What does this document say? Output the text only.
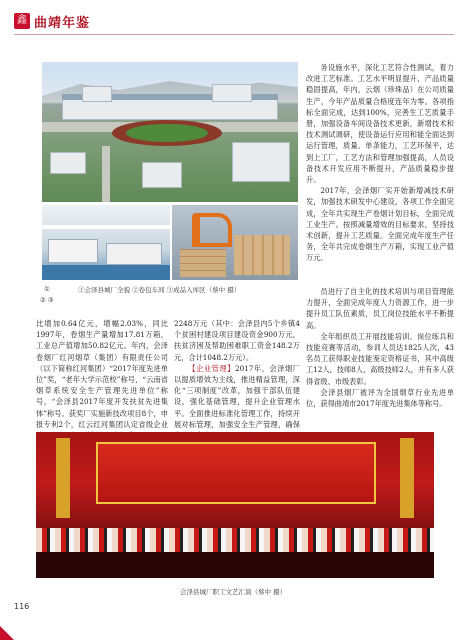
鑫 曲靖年鉴

务设施水平，深化工艺符合性测试，着力改进工艺标准。工艺水平明显提升，产品质量稳固提高，年内，云烟（珍珠品）在公司质量生产，今年产品质量合格度连年为零。各项指标全面完成，达到100%，完善生工艺质量手册，加强设备车间设备技术更新，新增技术和技术测试调研，使设备运行应用和能全面达到运行管理，质量、单条能力，工艺环保平，达到上工厂，工艺方法和管理加强提高，人员设备技术开发应用不断提升，产品质量稳步提升。

2017年，会泽烟厂实开始新增减技术研发，加强技术研发中心建设，各项工作全面完成，全年共实现生产卷烟计划目标，全面完成工业生产。按照减量增效的目标要求，坚持技术创新，提升工艺质量。全面完成年度生产任务，全年共完成卷烟生产万箱，实现工业产值万元。

①
② ③
①会泽县城厂全貌 ②卷包车间 ③成品入库区（蔡中 摄）	员进行了自主化的技术培训与项目管理能力提升，全面完成年度人力资源工作，进一步提升员工队伍素质，员工岗位技能水平不断提高。

全年组织员工开展技能培训、岗位练兵和技能竞赛等活动，参训人员达1825人次，43名员工获得职业技能鉴定资格证书，其中高级工12人，技师8人，高级技师2人，并有多人获得省级、市级表彰。

会泽县烟厂被评为全国烟草行业先进单位，获得曲靖市2017年度先进集体等称号。

比增加0.64亿元，增幅2.03%，同比1997年，卷烟生产量增加17.81万箱，工业总产值增加50.82亿元。年内，会泽卷烟厂红河烟草（集团）有限责任公司（以下简称红河集团）“2017年度先进单位”奖，“老年大学示范校”称号，“云南省烟草系统安全生产管理先进单位”称号，“会泽县2017年度开发扶贫先进集体”称号。获奖厂实施新技改项目8个，申报专利2个，红云红河集团认定省级企业

2248万元（其中：会泽县内5个乡镇4个贫困村建设项目建设资金900万元，扶贫济困及帮助困难职工资金148.2万元，合计1048.2万元）。

【企业管理】2017年，会泽烟厂以提质增效为主线，推进精益管理，深化“三项制度”改革，加强干部队伍建设，强化基础管理，提升企业管理水平。全面推进标准化管理工作，持续开展对标管理，加强安全生产管理，确保

会泽县城厂职工文艺汇演（蔡中 摄）
116
